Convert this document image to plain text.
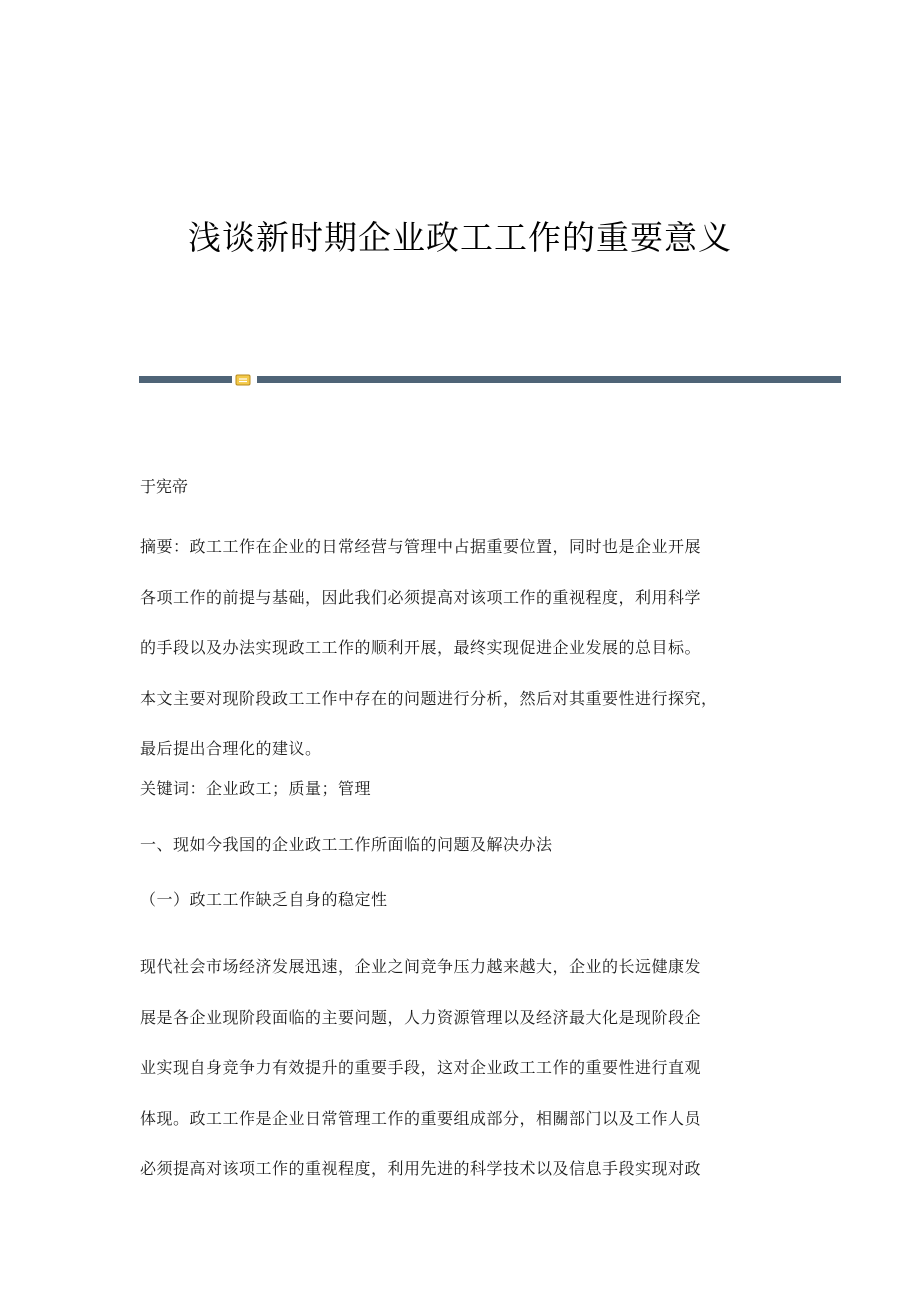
浅谈新时期企业政工工作的重要意义
于宪帝
摘要：政工工作在企业的日常经营与管理中占据重要位置，同时也是企业开展
各项工作的前提与基础，因此我们必须提高对该项工作的重视程度，利用科学
的手段以及办法实现政工工作的顺利开展，最终实现促进企业发展的总目标。
本文主要对现阶段政工工作中存在的问题进行分析，然后对其重要性进行探究，
最后提出合理化的建议。
关键词：企业政工；质量；管理
一、现如今我国的企业政工工作所面临的问题及解决办法
（一）政工工作缺乏自身的稳定性
现代社会市场经济发展迅速，企业之间竞争压力越来越大，企业的长远健康发
展是各企业现阶段面临的主要问题，人力资源管理以及经济最大化是现阶段企
业实现自身竞争力有效提升的重要手段，这对企业政工工作的重要性进行直观
体现。政工工作是企业日常管理工作的重要组成部分，相關部门以及工作人员
必须提高对该项工作的重视程度，利用先进的科学技术以及信息手段实现对政
